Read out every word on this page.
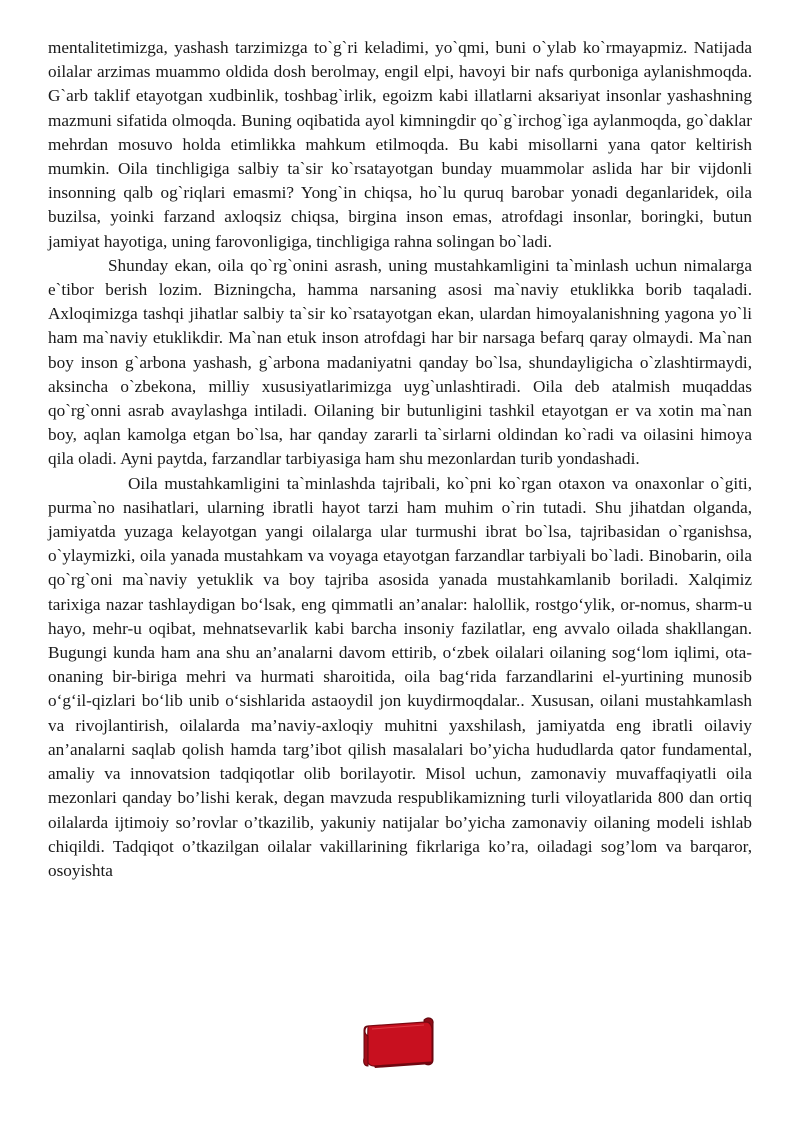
mentalitetimizga, yashash tarzimizga to`g`ri keladimi, yo`qmi, buni o`ylab ko`rmayapmiz. Natijada oilalar arzimas muammo oldida dosh berolmay, engil elpi, havoyi bir nafs qurboniga aylanishmoqda. G`arb taklif etayotgan xudbinlik, toshbag`irlik, egoizm kabi illatlarni aksariyat insonlar yashashning mazmuni sifatida olmoqda. Buning oqibatida ayol kimningdir qo`g`irchog`iga aylanmoqda, go`daklar mehrdan mosuvo holda etimlikka mahkum etilmoqda. Bu kabi misollarni yana qator keltirish mumkin. Oila tinchligiga salbiy ta`sir ko`rsatayotgan bunday muammolar aslida har bir vijdonli insonning qalb og`riqlari emasmi? Yong`in chiqsa, ho`lu quruq barobar yonadi deganlaridek, oila buzilsa, yoinki farzand axloqsiz chiqsa, birgina inson emas, atrofdagi insonlar, boringki, butun jamiyat hayotiga, uning farovonligiga, tinchligiga rahna solingan bo`ladi.

Shunday ekan, oila qo`rg`onini asrash, uning mustahkamligini ta`minlash uchun nimalarga e`tibor berish lozim. Bizningcha, hamma narsaning asosi ma`naviy etuklikka borib taqaladi. Axloqimizga tashqi jihatlar salbiy ta`sir ko`rsatayotgan ekan, ulardan himoyalanishning yagona yo`li ham ma`naviy etuklikdir. Ma`nan etuk inson atrofdagi har bir narsaga befarq qaray olmaydi. Ma`nan boy inson g`arbona yashash, g`arbona madaniyatni qanday bo`lsa, shundayligicha o`zlashtirmaydi, aksincha o`zbekona, milliy xususiyatlarimizga uyg`unlashtiradi. Oila deb atalmish muqaddas qo`rg`onni asrab avaylashga intiladi. Oilaning bir butunligini tashkil etayotgan er va xotin ma`nan boy, aqlan kamolga etgan bo`lsa, har qanday zararli ta`sirlarni oldindan ko`radi va oilasini himoya qila oladi. Ayni paytda, farzandlar tarbiyasiga ham shu mezonlardan turib yondashadi.

Oila mustahkamligini ta`minlashda tajribali, ko`pni ko`rgan otaxon va onaxonlar o`giti, purma`no nasihatlari, ularning ibratli hayot tarzi ham muhim o`rin tutadi. Shu jihatdan olganda, jamiyatda yuzaga kelayotgan yangi oilalarga ular turmushi ibrat bo`lsa, tajribasidan o`rganishsa, o`ylaymizki, oila yanada mustahkam va voyaga etayotgan farzandlar tarbiyali bo`ladi. Binobarin, oila qo`rg`oni ma`naviy yetuklik va boy tajriba asosida yanada mustahkamlanib boriladi. Xalqimiz tarixiga nazar tashlaydigan bo‘lsak, eng qimmatli an’analar: halollik, rostgo‘ylik, or-nomus, sharm-u hayo, mehr-u oqibat, mehnatsevarlik kabi barcha insoniy fazilatlar, eng avvalo oilada shakllangan. Bugungi kunda ham ana shu an’analarni davom ettirib, o‘zbek oilalari oilaning sog‘lom iqlimi, ota-onaning bir-biriga mehri va hurmati sharoitida, oila bag‘rida farzandlarini el-yurtining munosib o‘g‘il-qizlari bo‘lib unib o‘sishlarida astaoydil jon kuydirmoqdalar.. Xususan, oilani mustahkamlash va rivojlantirish, oilalarda ma’naviy-axloqiy muhitni yaxshilash, jamiyatda eng ibratli oilaviy an’analarni saqlab qolish hamda targ’ibot qilish masalalari bo’yicha hududlarda qator fundamental, amaliy va innovatsion tadqiqotlar olib borilayotir. Misol uchun, zamonaviy muvaffaqiyatli oila mezonlari qanday bo’lishi kerak, degan mavzuda respublikamizning turli viloyatlarida 800 dan ortiq oilalarda ijtimoiy so’rovlar o’tkazilib, yakuniy natijalar bo’yicha zamonaviy oilaning modeli ishlab chiqildi. Tadqiqot o’tkazilgan oilalar vakillarining fikrlariga ko’ra, oiladagi sog’lom va barqaror, osoyishta
